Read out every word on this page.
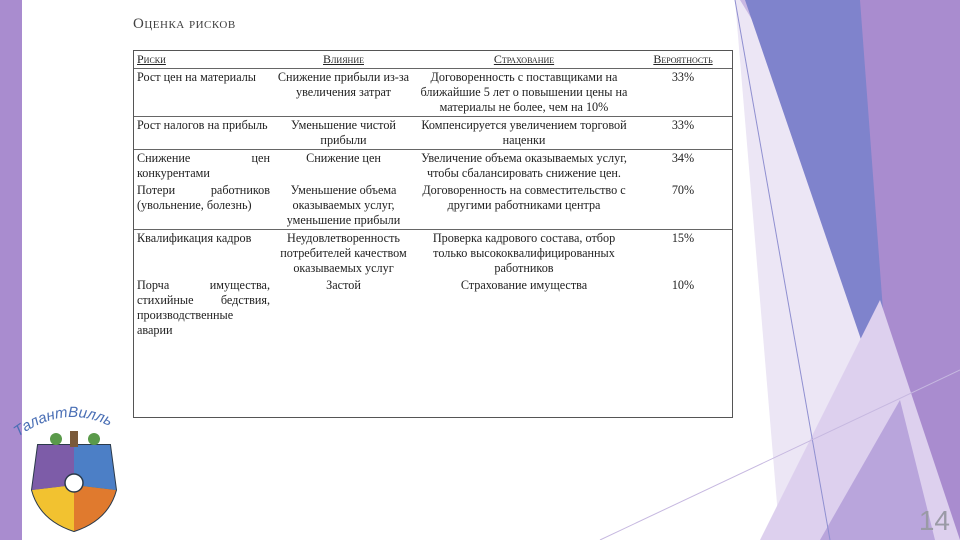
Оценка рисков
Риски	Влияние	Страхование	Вероятность
Рост цен на материалы	Снижение прибыли из-за увеличения затрат	Договоренность с поставщиками на ближайшие 5 лет о повышении цены на материалы не более, чем на 10%	33%
Рост налогов на прибыль	Уменьшение чистой прибыли	Компенсируется увеличением торговой наценки	33%
Снижение цен конкурентами	Снижение цен	Увеличение объема оказываемых услуг, чтобы сбалансировать снижение цен.	34%
Потери работников (увольнение, болезнь)	Уменьшение объема оказываемых услуг, уменьшение прибыли	Договоренность на совместительство с другими работниками центра	70%
Квалификация кадров	Неудовлетворенность потребителей качеством оказываемых услуг	Проверка кадрового состава, отбор только высококвалифицированных работников	15%
Порча имущества, стихийные бедствия, производственные аварии	Застой	Страхование имущества	10%
ТалантВилль
14
